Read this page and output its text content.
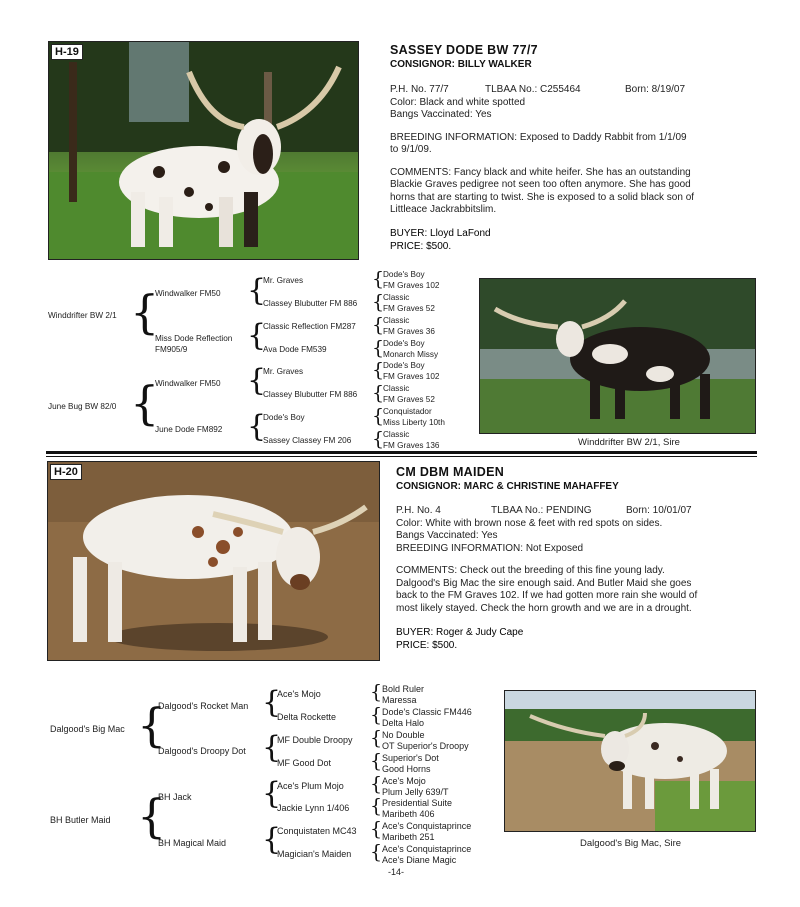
H-19	SASSEY DODE BW 77/7
CONSIGNOR: BILLY WALKER
P.H. No. 77/7	TLBAA No.: C255464	Born: 8/19/07
Color: Black and white spotted
Bangs Vaccinated: Yes
BREEDING INFORMATION: Exposed to Daddy Rabbit from 1/1/09
to 9/1/09.
COMMENTS: Fancy black and white heifer. She has an outstanding
Blackie Graves pedigree not seen too often anymore. She has good
horns that are starting to twist. She is exposed to a solid black son of
Littleace Jackrabbitslim.
BUYER: Lloyd LaFond
PRICE: $500.
Winddrifter BW 2/1
June Bug BW 82/0
{
{
Windwalker FM50
Miss Dode Reflection
FM905/9
Windwalker FM50
June Dode FM892
{
{
{
{
Mr. Graves
Classey Blubutter FM 886
Classic Reflection FM287
Ava Dode FM539
Mr. Graves
Classey Blubutter FM 886
Dode's Boy
Sassey Classey FM 206
{
{
{
{
{
{
{
{
Dode's Boy
FM Graves 102
Classic
FM Graves 52
Classic
FM Graves 36
Dode's Boy
Monarch Missy
Dode's Boy
FM Graves 102
Classic
FM Graves 52
Conquistador
Miss Liberty 10th
Classic
FM Graves 136	Winddrifter BW 2/1, Sire
H-20	CM DBM MAIDEN
CONSIGNOR: MARC & CHRISTINE MAHAFFEY
P.H. No. 4	TLBAA No.: PENDING	Born: 10/01/07
Color: White with brown nose & feet with red spots on sides.
Bangs Vaccinated: Yes
BREEDING INFORMATION: Not Exposed
COMMENTS: Check out the breeding of this fine young lady.
Dalgood's Big Mac the sire enough said. And Butler Maid she goes
back to the FM Graves 102. If we had gotten more rain she would of
most likely stayed. Check the horn growth and we are in a drought.
BUYER: Roger & Judy Cape
PRICE: $500.
Dalgood's Big Mac
BH Butler Maid
{
{
Dalgood's Rocket Man
Dalgood's Droopy Dot
BH Jack
BH Magical Maid
{
{
{
{
Ace's Mojo
Delta Rockette
MF Double Droopy
MF Good Dot
Ace's Plum Mojo
Jackie Lynn 1/406
Conquistaten MC43
Magician's Maiden
{
{
{
{
{
{
{
{
Bold Ruler
Maressa
Dode's Classic FM446
Delta Halo
No Double
OT Superior's Droopy
Superior's Dot
Good Horns
Ace's Mojo
Plum Jelly 639/T
Presidential Suite
Maribeth 406
Ace's Conquistaprince
Maribeth 251
Ace's Conquistaprince
Ace's Diane Magic
Dalgood's Big Mac, Sire
-14-
